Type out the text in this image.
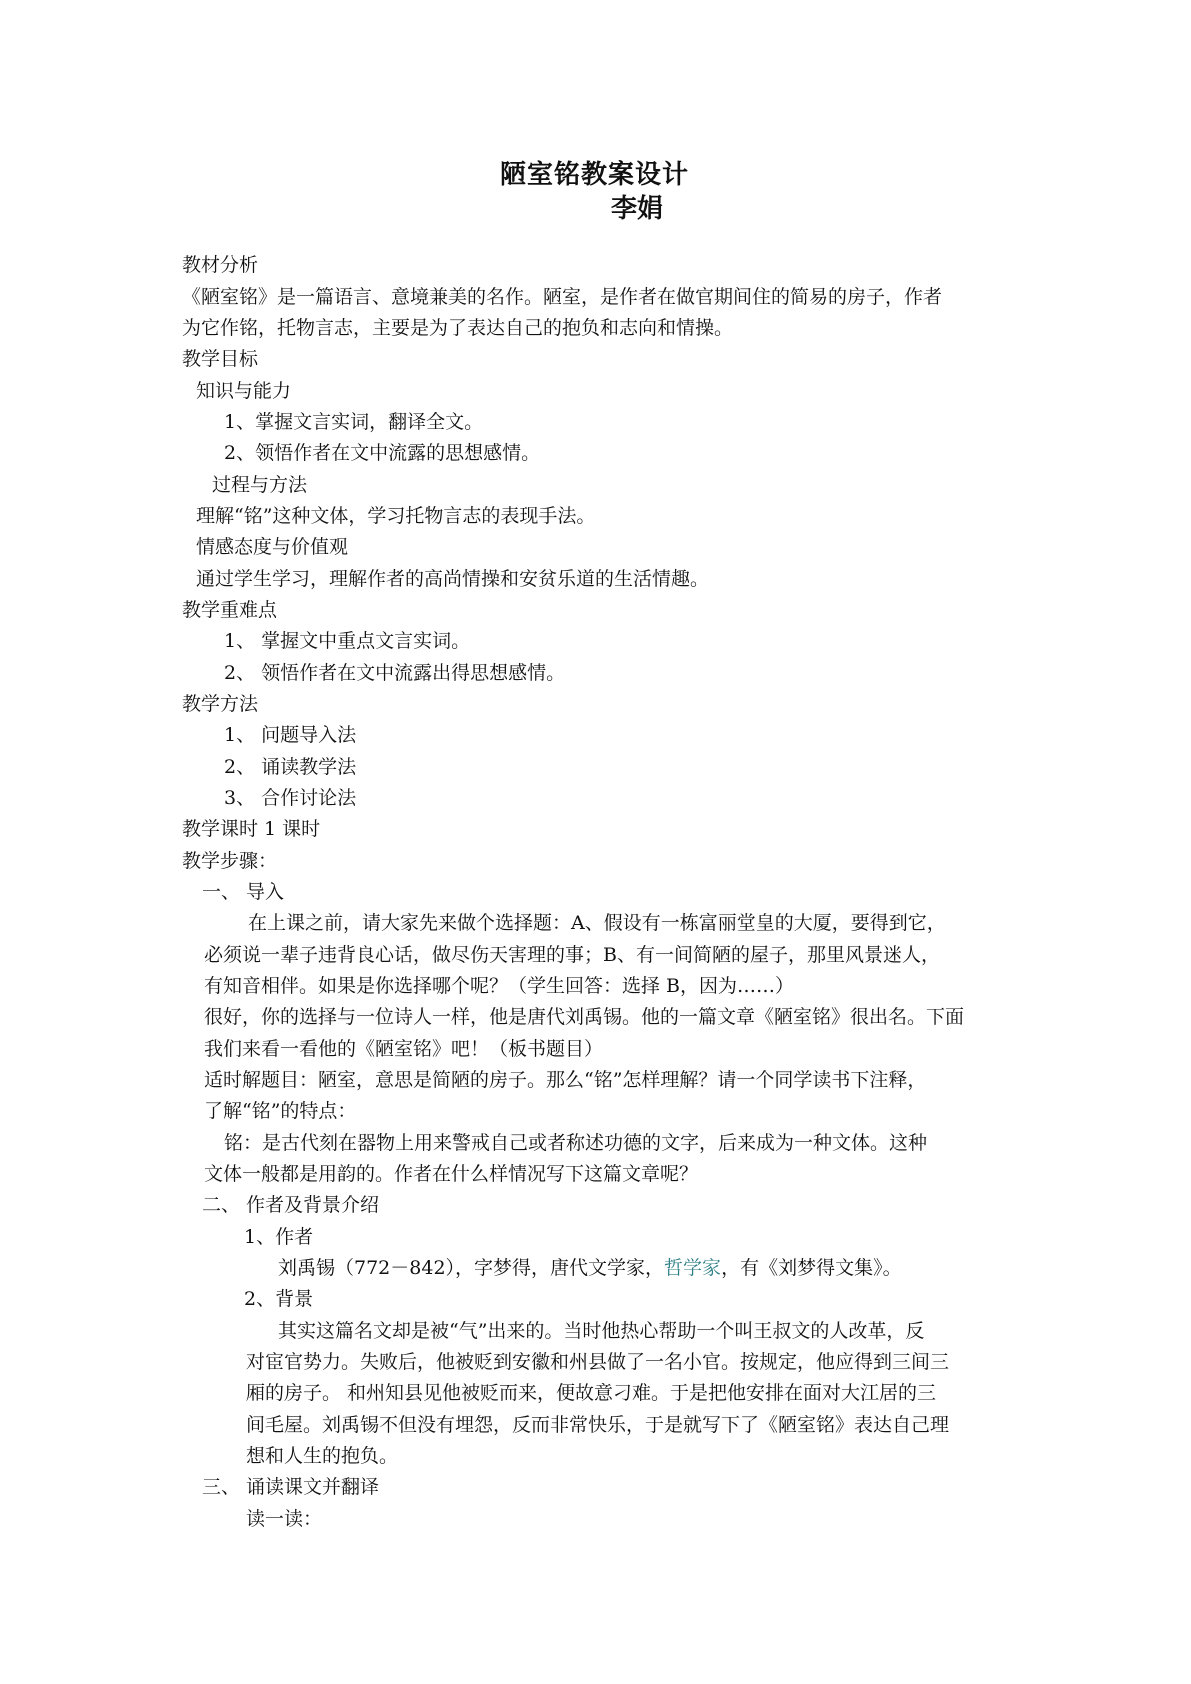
陋室铭教案设计
李娟
教材分析
《陋室铭》是一篇语言、意境兼美的名作。陋室，是作者在做官期间住的简易的房子，作者
为它作铭，托物言志，主要是为了表达自己的抱负和志向和情操。
教学目标
知识与能力
1、掌握文言实词，翻译全文。
2、领悟作者在文中流露的思想感情。
过程与方法
理解“铭”这种文体，学习托物言志的表现手法。
情感态度与价值观
通过学生学习，理解作者的高尚情操和安贫乐道的生活情趣。
教学重难点
1、 掌握文中重点文言实词。
2、 领悟作者在文中流露出得思想感情。
教学方法
1、 问题导入法
2、 诵读教学法
3、 合作讨论法
教学课时 1 课时
教学步骤：
一、 导入
在上课之前，请大家先来做个选择题：A、假设有一栋富丽堂皇的大厦，要得到它，
必须说一辈子违背良心话，做尽伤天害理的事；B、有一间简陋的屋子，那里风景迷人，
有知音相伴。如果是你选择哪个呢？（学生回答：选择 B，因为……）
很好，你的选择与一位诗人一样，他是唐代刘禹锡。他的一篇文章《陋室铭》很出名。下面
我们来看一看他的《陋室铭》吧！（板书题目）
适时解题目：陋室，意思是简陋的房子。那么“铭”怎样理解？请一个同学读书下注释，
了解“铭”的特点：
铭：是古代刻在器物上用来警戒自己或者称述功德的文字，后来成为一种文体。这种
文体一般都是用韵的。作者在什么样情况写下这篇文章呢？
二、 作者及背景介绍
1、作者
刘禹锡（772－842），字梦得，唐代文学家，哲学家，有《刘梦得文集》。
2、背景
其实这篇名文却是被“气”出来的。当时他热心帮助一个叫王叔文的人改革，反
对宦官势力。失败后，他被贬到安徽和州县做了一名小官。按规定，他应得到三间三
厢的房子。 和州知县见他被贬而来，便故意刁难。于是把他安排在面对大江居的三
间毛屋。刘禹锡不但没有埋怨，反而非常快乐，于是就写下了《陋室铭》表达自己理
想和人生的抱负。
三、 诵读课文并翻译
读一读：
